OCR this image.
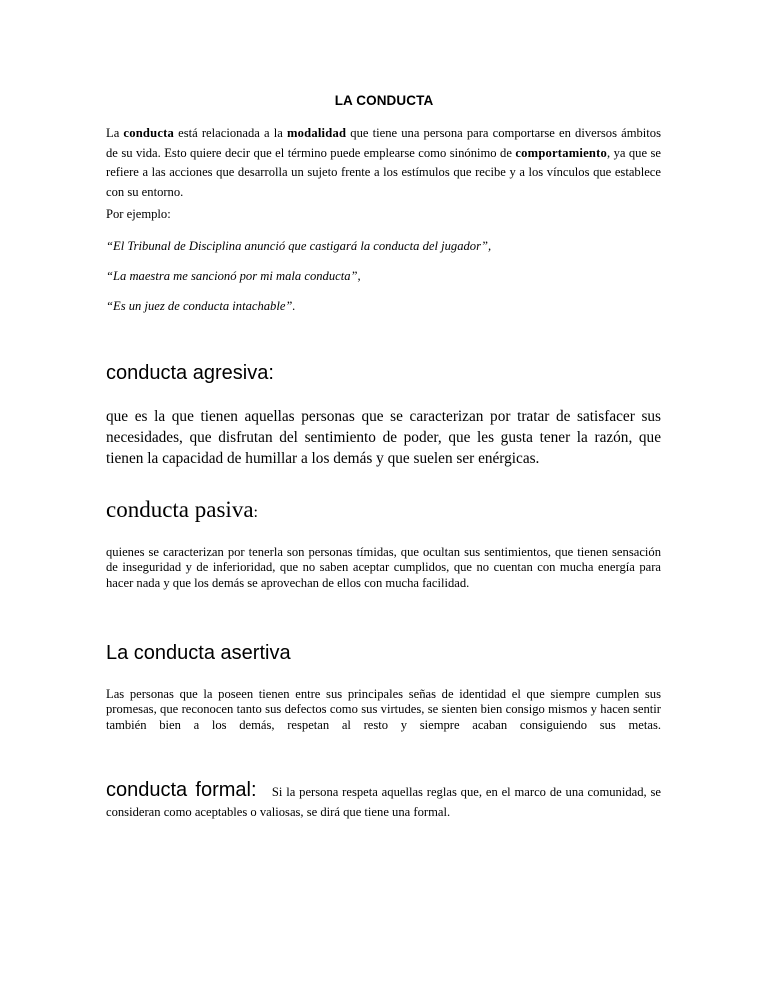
LA CONDUCTA

La conducta está relacionada a la modalidad que tiene una persona para comportarse en diversos ámbitos de su vida. Esto quiere decir que el término puede emplearse como sinónimo de comportamiento, ya que se refiere a las acciones que desarrolla un sujeto frente a los estímulos que recibe y a los vínculos que establece con su entorno.

Por ejemplo:

“El Tribunal de Disciplina anunció que castigará la conducta del jugador”,

“La maestra me sancionó por mi mala conducta”,

“Es un juez de conducta intachable”.

conducta agresiva:

que es la que tienen aquellas personas que se caracterizan por tratar de satisfacer sus necesidades, que disfrutan del sentimiento de poder, que les gusta tener la razón, que tienen la capacidad de humillar a los demás y que suelen ser enérgicas.

conducta pasiva:

quienes se caracterizan por tenerla son personas tímidas, que ocultan sus sentimientos, que tienen sensación de inseguridad y de inferioridad, que no saben aceptar cumplidos, que no cuentan con mucha energía para hacer nada y que los demás se aprovechan de ellos con mucha facilidad.

La conducta asertiva

Las personas que la poseen tienen entre sus principales señas de identidad el que siempre cumplen sus promesas, que reconocen tanto sus defectos como sus virtudes, se sienten bien consigo mismos y hacen sentir también bien a los demás, respetan al resto y siempre acaban consiguiendo sus metas.

conducta formal: Si la persona respeta aquellas reglas que, en el marco de una comunidad, se consideran como aceptables o valiosas, se dirá que tiene una formal.
